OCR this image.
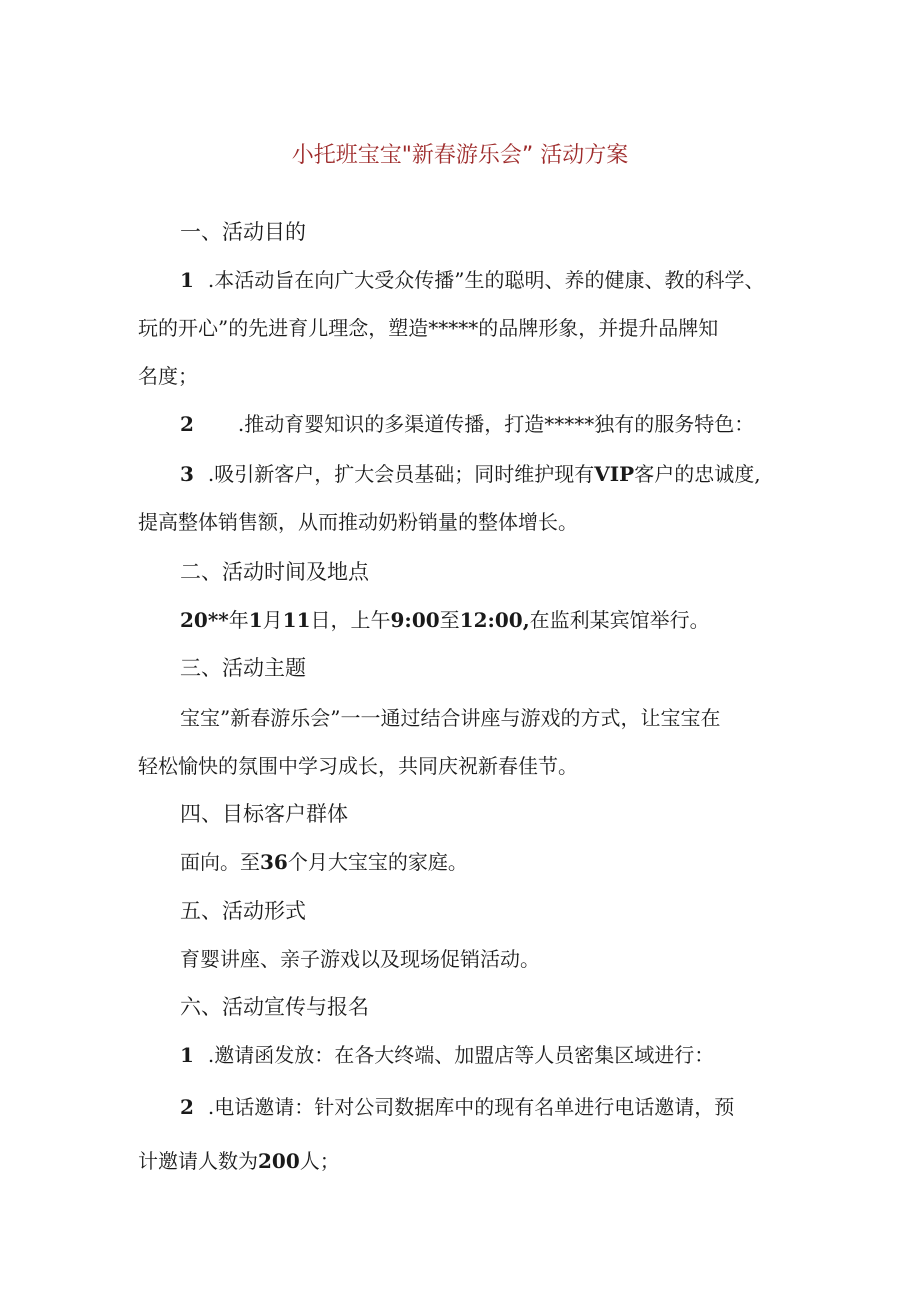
小托班宝宝"新春游乐会” 活动方案
一、活动目的
1 .本活动旨在向广大受众传播”生的聪明、养的健康、教的科学、
玩的开心”的先进育儿理念，塑造*****的品牌形象，并提升品牌知
名度；
2 .推动育婴知识的多渠道传播，打造*****独有的服务特色：
3 .吸引新客户，扩大会员基础；同时维护现有VIP客户的忠诚度,
提高整体销售额，从而推动奶粉销量的整体增长。
二、活动时间及地点
20**年1月11日，上午9:00至12:00,在监利某宾馆举行。
三、活动主题
宝宝”新春游乐会”一一通过结合讲座与游戏的方式，让宝宝在
轻松愉快的氛围中学习成长，共同庆祝新春佳节。
四、目标客户群体
面向。至36个月大宝宝的家庭。
五、活动形式
育婴讲座、亲子游戏以及现场促销活动。
六、活动宣传与报名
1 .邀请函发放：在各大终端、加盟店等人员密集区域进行：
2 .电话邀请：针对公司数据库中的现有名单进行电话邀请，预
计邀请人数为200人；
